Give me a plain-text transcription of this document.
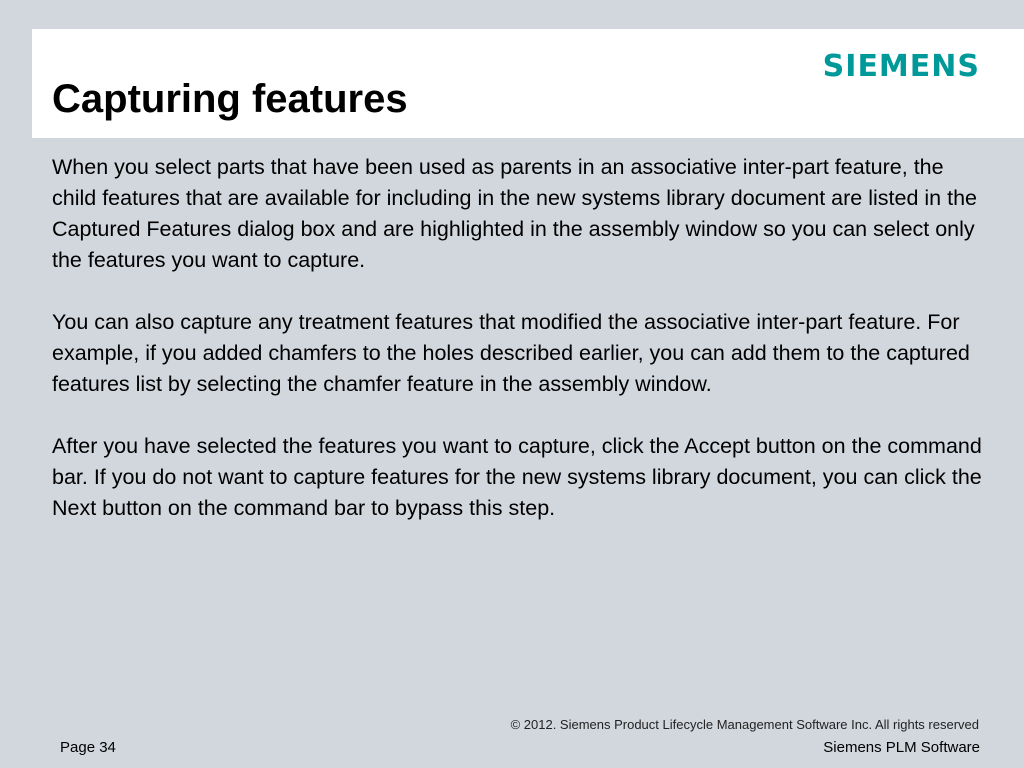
Capturing features
SIEMENS

When you select parts that have been used as parents in an associative inter-part feature, the child features that are available for including in the new systems library document are listed in the Captured Features dialog box and are highlighted in the assembly window so you can select only the features you want to capture.

You can also capture any treatment features that modified the associative inter-part feature. For example, if you added chamfers to the holes described earlier, you can add them to the captured features list by selecting the chamfer feature in the assembly window.

After you have selected the features you want to capture, click the Accept button on the command bar. If you do not want to capture features for the new systems library document, you can click the Next button on the command bar to bypass this step.

© 2012. Siemens Product Lifecycle Management Software Inc. All rights reserved
Page 34	Siemens PLM Software
